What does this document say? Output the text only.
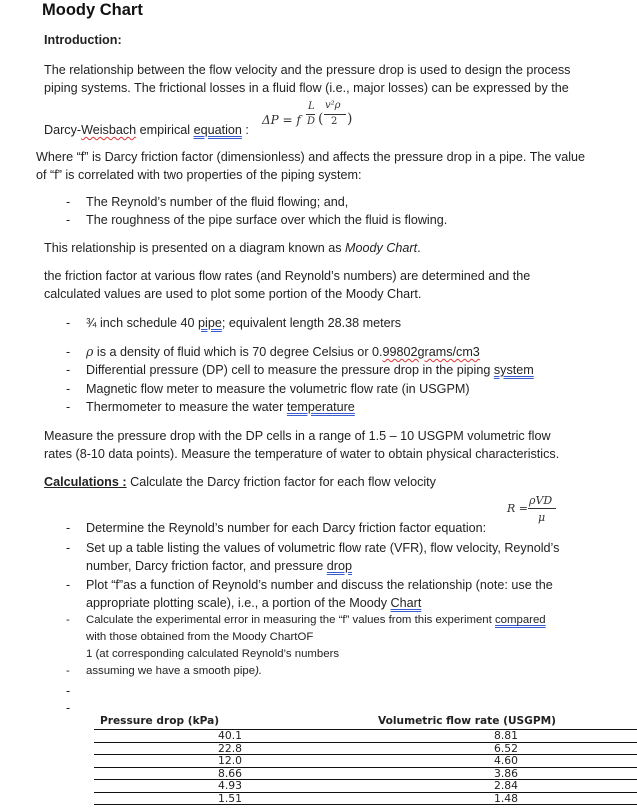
Moody Chart
Introduction:
The relationship between the flow velocity and the pressure drop is used to design the process
piping systems. The frictional losses in a fluid flow (i.e., major losses) can be expressed by the
Darcy-Weisbach empirical equation :
ΔP = f
L
D (
v²ρ
2 )
Where “f” is Darcy friction factor (dimensionless) and affects the pressure drop in a pipe. The value
of “f” is correlated with two properties of the piping system:
- The Reynold’s number of the fluid flowing; and,
- The roughness of the pipe surface over which the fluid is flowing.
This relationship is presented on a diagram known as Moody Chart.
the friction factor at various flow rates (and Reynold’s numbers) are determined and the
calculated values are used to plot some portion of the Moody Chart.
- ¾ inch schedule 40 pipe; equivalent length 28.38 meters
- ρ is a density of fluid which is 70 degree Celsius or 0.99802grams/cm3
- Differential pressure (DP) cell to measure the pressure drop in the piping system
- Magnetic flow meter to measure the volumetric flow rate (in USGPM)
- Thermometer to measure the water temperature
Measure the pressure drop with the DP cells in a range of 1.5 – 10 USGPM volumetric flow
rates (8-10 data points). Measure the temperature of water to obtain physical characteristics.
Calculations : Calculate the Darcy friction factor for each flow velocity
R =
ρVD
μ
- Determine the Reynold’s number for each Darcy friction factor equation:
- Set up a table listing the values of volumetric flow rate (VFR), flow velocity, Reynold’s
number, Darcy friction factor, and pressure drop
- Plot “f”as a function of Reynold’s number and discuss the relationship (note: use the
appropriate plotting scale), i.e., a portion of the Moody Chart
- Calculate the experimental error in measuring the “f” values from this experiment compared
with those obtained from the Moody ChartOF
1 (at corresponding calculated Reynold’s numbers
- assuming we have a smooth pipe).
-
-
Pressure drop (kPa)	Volumetric flow rate (USGPM)
40.1	8.81
22.8	6.52
12.0	4.60
8.66	3.86
4.93	2.84
1.51	1.48
